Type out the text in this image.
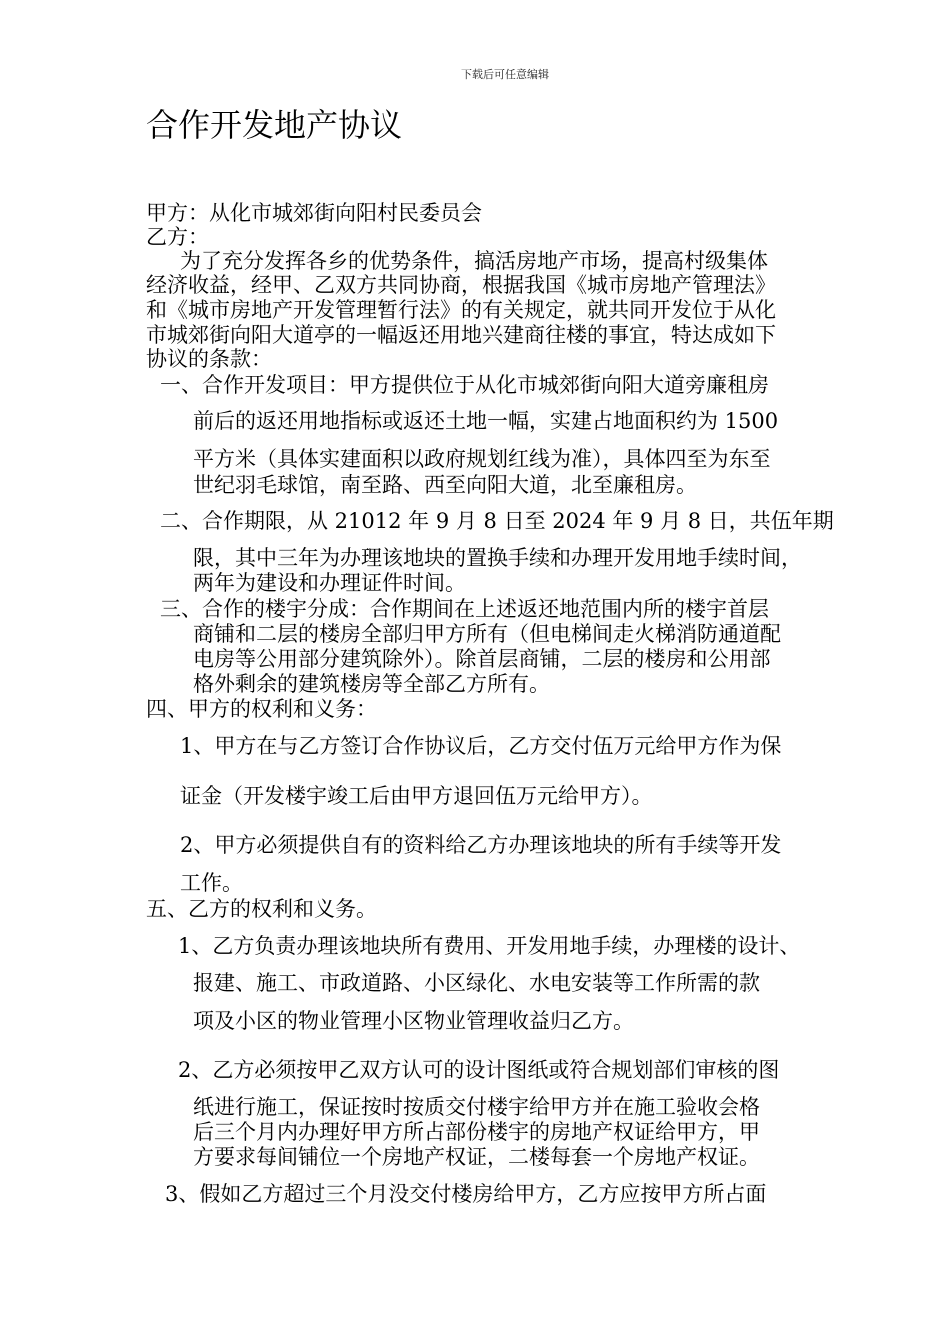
下载后可任意编辑
合作开发地产协议
甲方：从化市城郊街向阳村民委员会
乙方：
为了充分发挥各乡的优势条件，搞活房地产市场，提高村级集体
经济收益，经甲、乙双方共同协商，根据我国《城市房地产管理法》
和《城市房地产开发管理暂行法》的有关规定，就共同开发位于从化
市城郊街向阳大道亭的一幅返还用地兴建商往楼的事宜，特达成如下
协议的条款：
一、合作开发项目：甲方提供位于从化市城郊街向阳大道旁廉租房
前后的返还用地指标或返还土地一幅，实建占地面积约为 1500
平方米（具体实建面积以政府规划红线为准），具体四至为东至
世纪羽毛球馆，南至路、西至向阳大道，北至廉租房。
二、合作期限，从 21012 年 9 月 8 日至 2024 年 9 月 8 日，共伍年期
限，其中三年为办理该地块的置换手续和办理开发用地手续时间，
两年为建设和办理证件时间。
三、合作的楼宇分成：合作期间在上述返还地范围内所的楼宇首层
商铺和二层的楼房全部归甲方所有（但电梯间走火梯消防通道配
电房等公用部分建筑除外）。除首层商铺，二层的楼房和公用部
格外剩余的建筑楼房等全部乙方所有。
四、甲方的权利和义务：
1、甲方在与乙方签订合作协议后，乙方交付伍万元给甲方作为保
证金（开发楼宇竣工后由甲方退回伍万元给甲方）。
2、甲方必须提供自有的资料给乙方办理该地块的所有手续等开发
工作。
五、乙方的权利和义务。
1、乙方负责办理该地块所有费用、开发用地手续，办理楼的设计、
报建、施工、市政道路、小区绿化、水电安装等工作所需的款
项及小区的物业管理小区物业管理收益归乙方。
2、乙方必须按甲乙双方认可的设计图纸或符合规划部们审核的图
纸进行施工，保证按时按质交付楼宇给甲方并在施工验收会格
后三个月内办理好甲方所占部份楼宇的房地产权证给甲方，甲
方要求每间铺位一个房地产权证，二楼每套一个房地产权证。
3、假如乙方超过三个月没交付楼房给甲方，乙方应按甲方所占面
